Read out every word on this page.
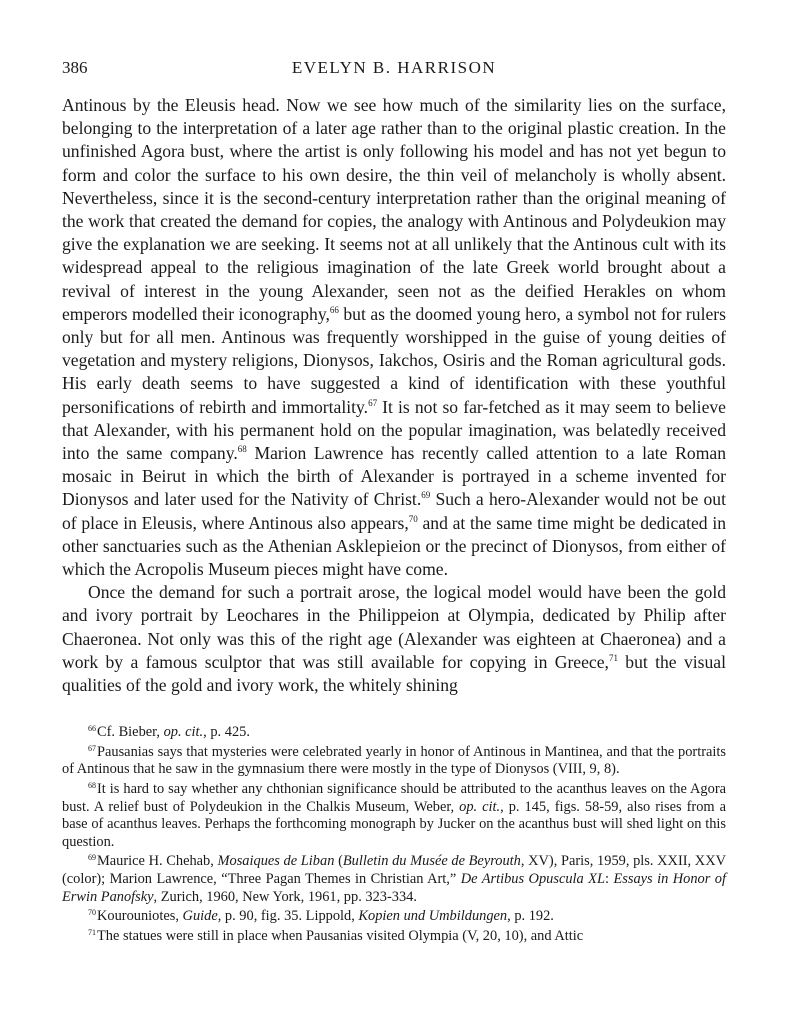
386	EVELYN B. HARRISON

Antinous by the Eleusis head. Now we see how much of the similarity lies on the surface, belonging to the interpretation of a later age rather than to the original plastic creation. In the unfinished Agora bust, where the artist is only following his model and has not yet begun to form and color the surface to his own desire, the thin veil of melancholy is wholly absent. Nevertheless, since it is the second-century interpretation rather than the original meaning of the work that created the demand for copies, the analogy with Antinous and Polydeukion may give the explanation we are seeking. It seems not at all unlikely that the Antinous cult with its widespread appeal to the religious imagination of the late Greek world brought about a revival of interest in the young Alexander, seen not as the deified Herakles on whom emperors modelled their iconography,$^{66}$ but as the doomed young hero, a symbol not for rulers only but for all men. Antinous was frequently worshipped in the guise of young deities of vegetation and mystery religions, Dionysos, Iakchos, Osiris and the Roman agricultural gods. His early death seems to have suggested a kind of identification with these youthful personifications of rebirth and immortality.$^{67}$ It is not so far-fetched as it may seem to believe that Alexander, with his permanent hold on the popular imagination, was belatedly received into the same company.$^{68}$ Marion Lawrence has recently called attention to a late Roman mosaic in Beirut in which the birth of Alexander is portrayed in a scheme invented for Dionysos and later used for the Nativity of Christ.$^{69}$ Such a hero-Alexander would not be out of place in Eleusis, where Antinous also appears,$^{70}$ and at the same time might be dedicated in other sanctuaries such as the Athenian Asklepieion or the precinct of Dionysos, from either of which the Acropolis Museum pieces might have come.

Once the demand for such a portrait arose, the logical model would have been the gold and ivory portrait by Leochares in the Philippeion at Olympia, dedicated by Philip after Chaeronea. Not only was this of the right age (Alexander was eighteen at Chaeronea) and a work by a famous sculptor that was still available for copying in Greece,$^{71}$ but the visual qualities of the gold and ivory work, the whitely shining

$^{66}$Cf. Bieber, op. cit., p. 425.

$^{67}$Pausanias says that mysteries were celebrated yearly in honor of Antinous in Mantinea, and that the portraits of Antinous that he saw in the gymnasium there were mostly in the type of Dionysos (VIII, 9, 8).

$^{68}$It is hard to say whether any chthonian significance should be attributed to the acanthus leaves on the Agora bust. A relief bust of Polydeukion in the Chalkis Museum, Weber, op. cit., p. 145, figs. 58-59, also rises from a base of acanthus leaves. Perhaps the forthcoming monograph by Jucker on the acanthus bust will shed light on this question.

$^{69}$Maurice H. Chehab, Mosaiques de Liban (Bulletin du Musée de Beyrouth, XV), Paris, 1959, pls. XXII, XXV (color); Marion Lawrence, “Three Pagan Themes in Christian Art,” De Artibus Opuscula XL: Essays in Honor of Erwin Panofsky, Zurich, 1960, New York, 1961, pp. 323-334.

$^{70}$Kourouniotes, Guide, p. 90, fig. 35. Lippold, Kopien und Umbildungen, p. 192.

$^{71}$The statues were still in place when Pausanias visited Olympia (V, 20, 10), and Attic
